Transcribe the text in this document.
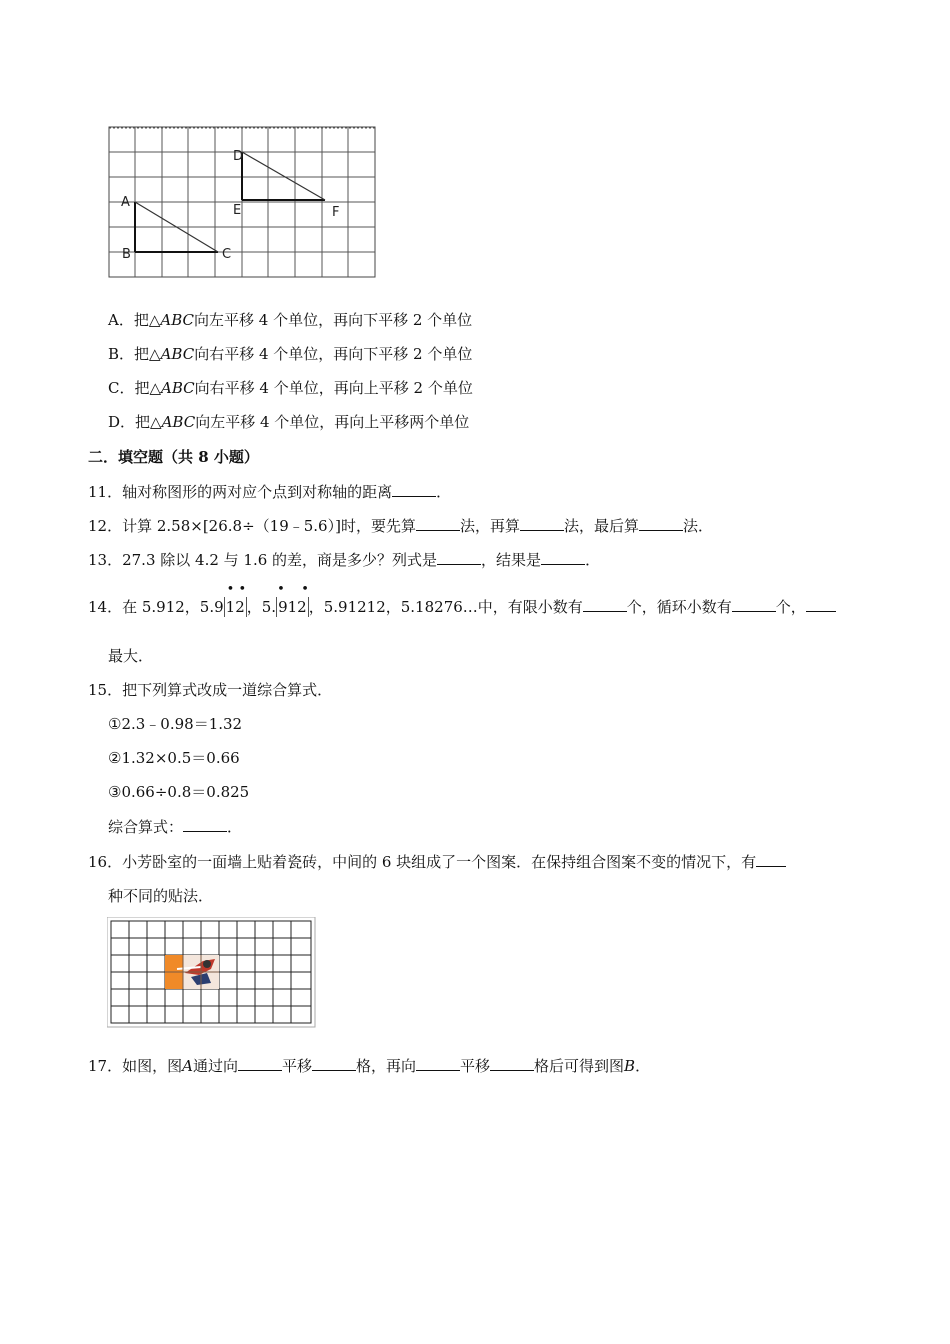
A
B	C
D
E	F
A．把△ABC向左平移 4 个单位，再向下平移 2 个单位
B．把△ABC向右平移 4 个单位，再向下平移 2 个单位
C．把△ABC向右平移 4 个单位，再向上平移 2 个单位
D．把△ABC向左平移 4 个单位，再向上平移两个单位
二．填空题（共 8 小题）
11．轴对称图形的两对应个点到对称轴的距离	．
12．计算 2.58×[26.8÷（19﹣5.6）]时，要先算	法，再算	法，最后算	法．
13．27.3 除以 4.2 与 1.6 的差，商是多少？列式是	，结果是	．
14．在 5.912，5.9
• •
12 ，5.
•    •
912 ，5.91212，5.18276…中，有限小数有	个，循环小数有	个，
最大．
15．把下列算式改成一道综合算式．
①2.3﹣0.98＝1.32
②1.32×0.5＝0.66
③0.66÷0.8＝0.825
综合算式：	．
16．小芳卧室的一面墙上贴着瓷砖，中间的 6 块组成了一个图案．在保持组合图案不变的情况下，有
种不同的贴法．
17．如图，图A通过向	平移	格，再向	平移	格后可得到图B．
